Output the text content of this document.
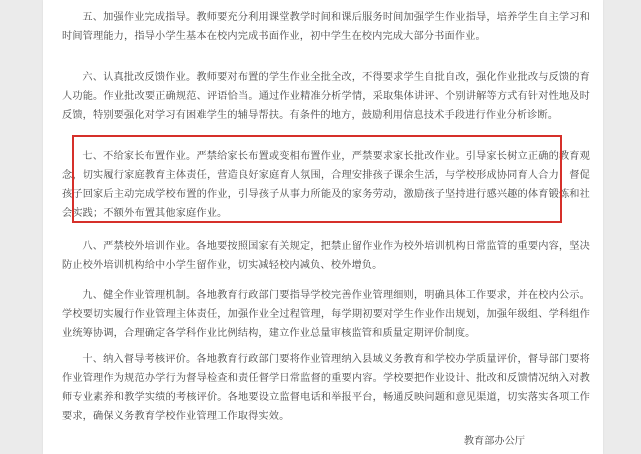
五、加强作业完成指导。教师要充分利用课堂教学时间和课后服务时间加强学生作业指导，培养学生自主学习和时间管理能力，指导小学生基本在校内完成书面作业，初中学生在校内完成大部分书面作业。

六、认真批改反馈作业。教师要对布置的学生作业全批全改，不得要求学生自批自改，强化作业批改与反馈的育人功能。作业批改要正确规范、评语恰当。通过作业精准分析学情，采取集体讲评、个别讲解等方式有针对性地及时反馈，特别要强化对学习有困难学生的辅导帮扶。有条件的地方，鼓励利用信息技术手段进行作业分析诊断。

七、不给家长布置作业。严禁给家长布置或变相布置作业，严禁要求家长批改作业。引导家长树立正确的教育观念，切实履行家庭教育主体责任，营造良好家庭育人氛围，合理安排孩子课余生活，与学校形成协同育人合力；督促孩子回家后主动完成学校布置的作业，引导孩子从事力所能及的家务劳动，激励孩子坚持进行感兴趣的体育锻炼和社会实践；不额外布置其他家庭作业。

八、严禁校外培训作业。各地要按照国家有关规定，把禁止留作业作为校外培训机构日常监管的重要内容，坚决防止校外培训机构给中小学生留作业，切实减轻校内减负、校外增负。

九、健全作业管理机制。各地教育行政部门要指导学校完善作业管理细则，明确具体工作要求，并在校内公示。学校要切实履行作业管理主体责任，加强作业全过程管理，每学期初要对学生作业作出规划，加强年级组、学科组作业统筹协调，合理确定各学科作业比例结构，建立作业总量审核监管和质量定期评价制度。

十、纳入督导考核评价。各地教育行政部门要将作业管理纳入县域义务教育和学校办学质量评价，督导部门要将作业管理作为规范办学行为督导检查和责任督学日常监督的重要内容。学校要把作业设计、批改和反馈情况纳入对教师专业素养和教学实绩的考核评价。各地要设立监督电话和举报平台，畅通反映问题和意见渠道，切实落实各项工作要求，确保义务教育学校作业管理工作取得实效。

教育部办公厅
